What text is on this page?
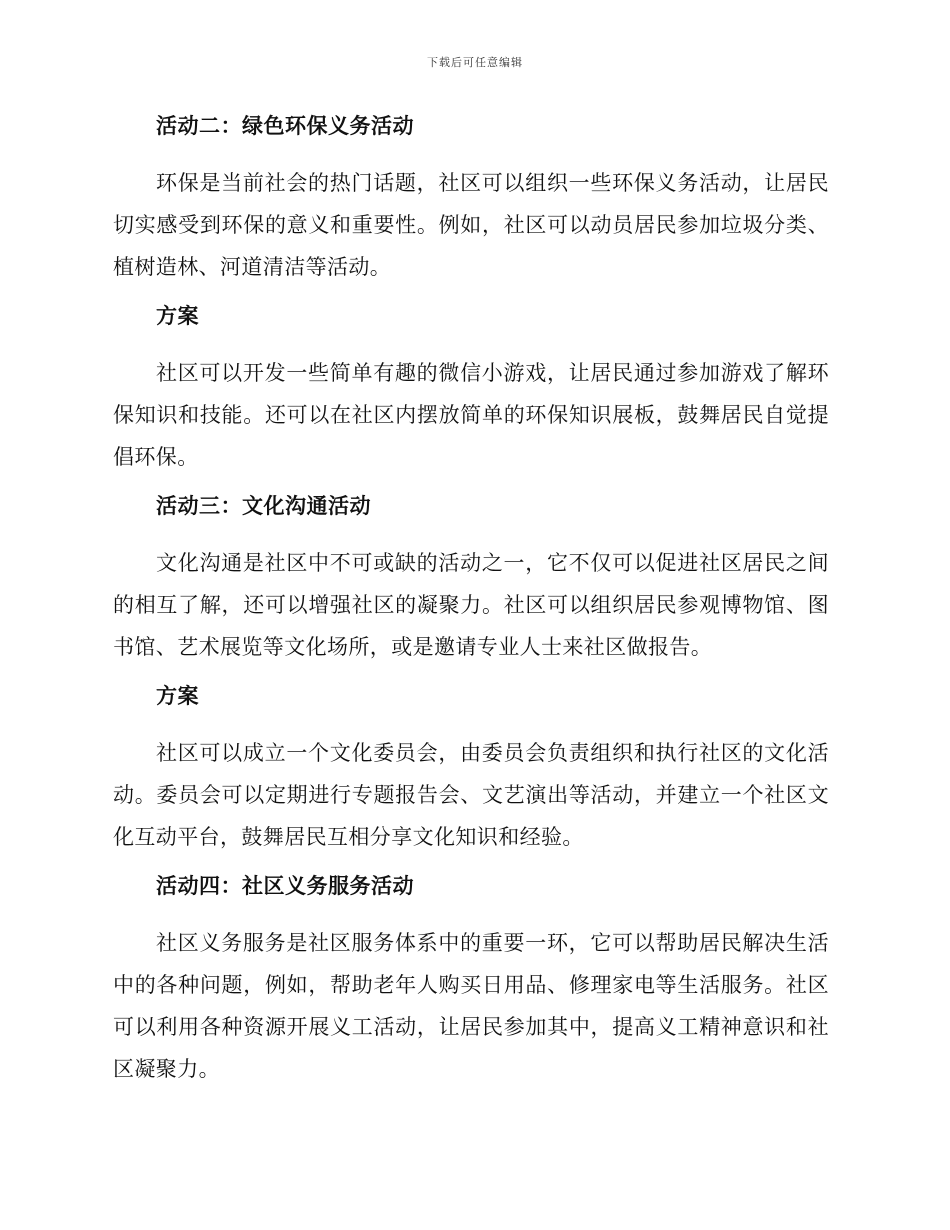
下载后可任意编辑
活动二：绿色环保义务活动

环保是当前社会的热门话题，社区可以组织一些环保义务活动，让居民切实感受到环保的意义和重要性。例如，社区可以动员居民参加垃圾分类、植树造林、河道清洁等活动。

方案

社区可以开发一些简单有趣的微信小游戏，让居民通过参加游戏了解环保知识和技能。还可以在社区内摆放简单的环保知识展板，鼓舞居民自觉提倡环保。

活动三：文化沟通活动

文化沟通是社区中不可或缺的活动之一，它不仅可以促进社区居民之间的相互了解，还可以增强社区的凝聚力。社区可以组织居民参观博物馆、图书馆、艺术展览等文化场所，或是邀请专业人士来社区做报告。

方案

社区可以成立一个文化委员会，由委员会负责组织和执行社区的文化活动。委员会可以定期进行专题报告会、文艺演出等活动，并建立一个社区文化互动平台，鼓舞居民互相分享文化知识和经验。

活动四：社区义务服务活动

社区义务服务是社区服务体系中的重要一环，它可以帮助居民解决生活中的各种问题，例如，帮助老年人购买日用品、修理家电等生活服务。社区可以利用各种资源开展义工活动，让居民参加其中，提高义工精神意识和社区凝聚力。
